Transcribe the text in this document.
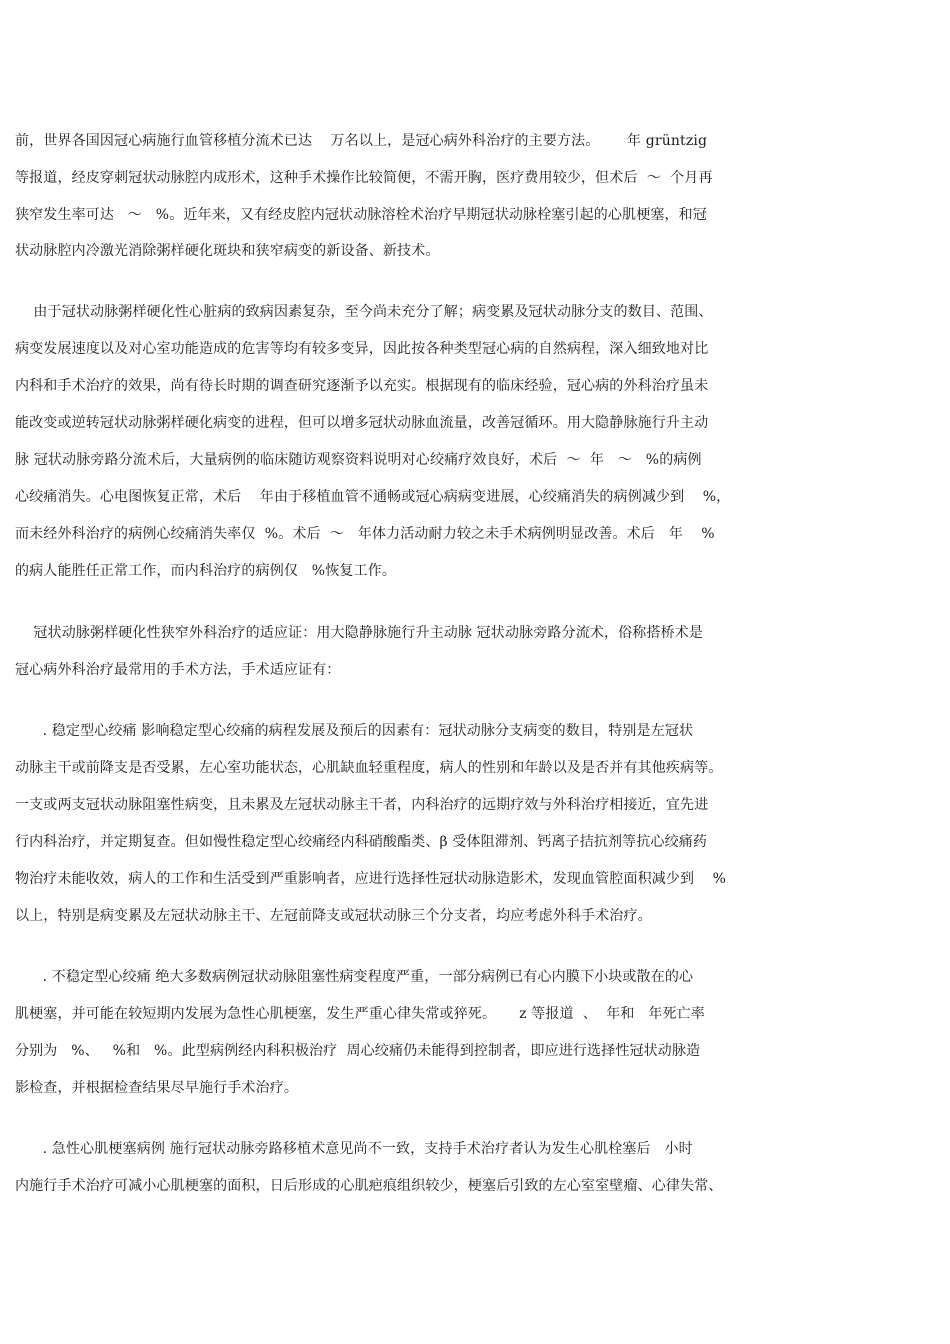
前，世界各国因冠心病施行血管移植分流术已达    万名以上，是冠心病外科治疗的主要方法。      年 grüntzig
等报道，经皮穿刺冠状动脉腔内成形术，这种手术操作比较简便，不需开胸，医疗费用较少，但术后  ～  个月再
狭窄发生率可达   ～   %。近年来，又有经皮腔内冠状动脉溶栓术治疗早期冠状动脉栓塞引起的心肌梗塞，和冠
状动脉腔内冷激光消除粥样硬化斑块和狭窄病变的新设备、新技术。
由于冠状动脉粥样硬化性心脏病的致病因素复杂，至今尚未充分了解；病变累及冠状动脉分支的数目、范围、
病变发展速度以及对心室功能造成的危害等均有较多变异，因此按各种类型冠心病的自然病程，深入细致地对比
内科和手术治疗的效果，尚有待长时期的调查研究逐渐予以充实。根据现有的临床经验，冠心病的外科治疗虽未
能改变或逆转冠状动脉粥样硬化病变的进程，但可以增多冠状动脉血流量，改善冠循环。用大隐静脉施行升主动
脉 冠状动脉旁路分流术后，大量病例的临床随访观察资料说明对心绞痛疗效良好，术后  ～  年   ～   %的病例
心绞痛消失。心电图恢复正常，术后    年由于移植血管不通畅或冠心病病变进展，心绞痛消失的病例减少到    %，
而未经外科治疗的病例心绞痛消失率仅  %。术后  ～   年体力活动耐力较之未手术病例明显改善。术后   年    %
的病人能胜任正常工作，而内科治疗的病例仅   %恢复工作。
冠状动脉粥样硬化性狭窄外科治疗的适应证：用大隐静脉施行升主动脉 冠状动脉旁路分流术，俗称搭桥术是
冠心病外科治疗最常用的手术方法，手术适应证有：
. 稳定型心绞痛 影响稳定型心绞痛的病程发展及预后的因素有：冠状动脉分支病变的数目，特别是左冠状
动脉主干或前降支是否受累，左心室功能状态，心肌缺血轻重程度，病人的性别和年龄以及是否并有其他疾病等。
一支或两支冠状动脉阻塞性病变，且未累及左冠状动脉主干者，内科治疗的远期疗效与外科治疗相接近，宜先进
行内科治疗，并定期复查。但如慢性稳定型心绞痛经内科硝酸酯类、β 受体阻滞剂、钙离子拮抗剂等抗心绞痛药
物治疗未能收效，病人的工作和生活受到严重影响者，应进行选择性冠状动脉造影术，发现血管腔面积减少到    %
以上，特别是病变累及左冠状动脉主干、左冠前降支或冠状动脉三个分支者，均应考虑外科手术治疗。
. 不稳定型心绞痛 绝大多数病例冠状动脉阻塞性病变程度严重，一部分病例已有心内膜下小块或散在的心
肌梗塞，并可能在较短期内发展为急性心肌梗塞，发生严重心律失常或猝死。     z 等报道  、  年和   年死亡率
分别为   %、   %和   %。此型病例经内科积极治疗  周心绞痛仍未能得到控制者，即应进行选择性冠状动脉造
影检查，并根据检查结果尽早施行手术治疗。
. 急性心肌梗塞病例 施行冠状动脉旁路移植术意见尚不一致，支持手术治疗者认为发生心肌栓塞后   小时
内施行手术治疗可减小心肌梗塞的面积，日后形成的心肌疤痕组织较少，梗塞后引致的左心室室壁瘤、心律失常、
